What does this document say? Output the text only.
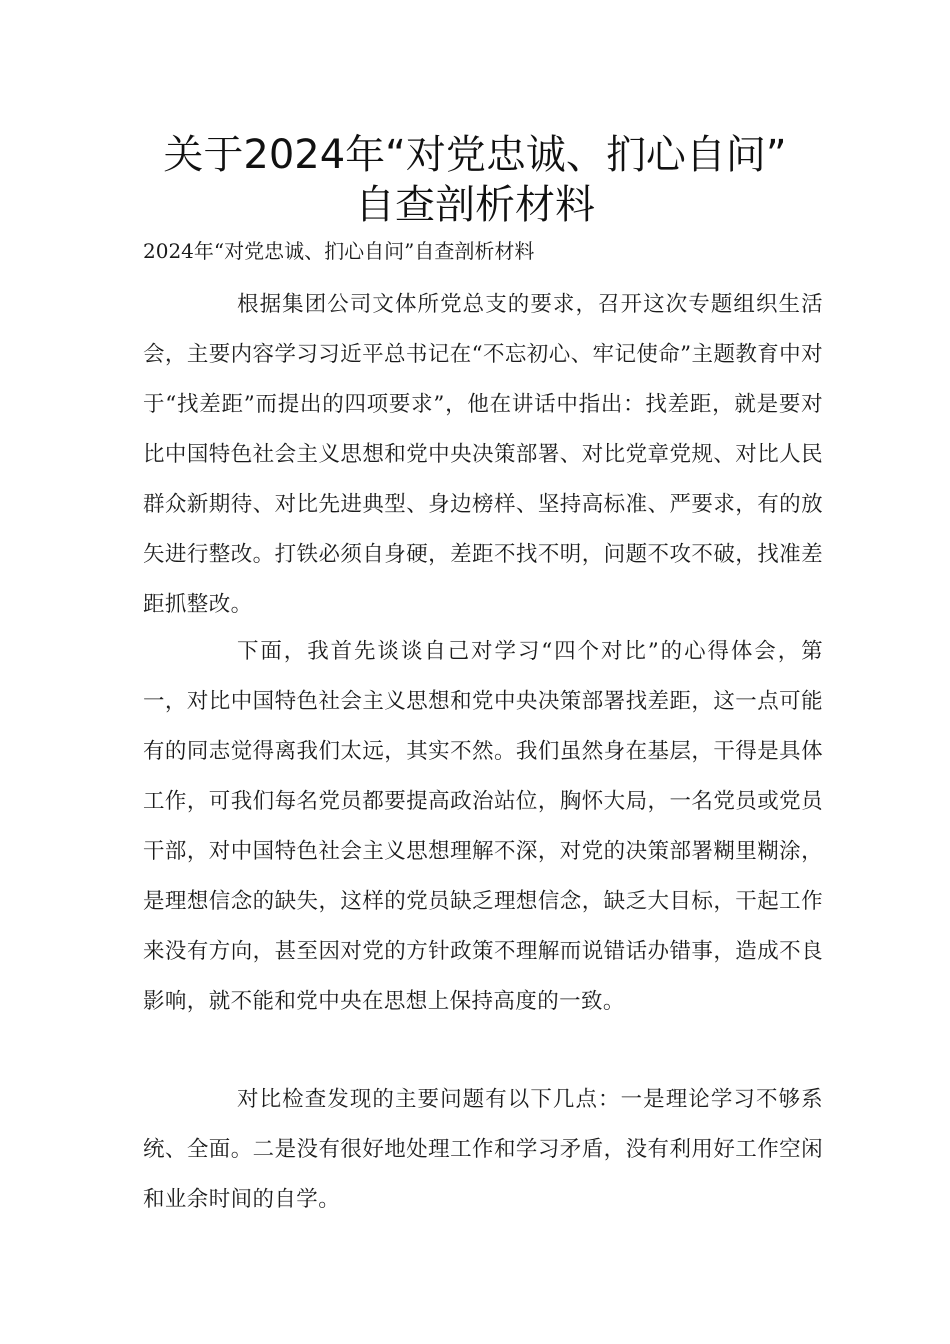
关于2024年“对党忠诚、扪心自问”
自查剖析材料

2024年“对党忠诚、扪心自问”自查剖析材料

根据集团公司文体所党总支的要求，召开这次专题组织生活会，主要内容学习习近平总书记在“不忘初心、牢记使命”主题教育中对于“找差距”而提出的四项要求”，他在讲话中指出：找差距，就是要对比中国特色社会主义思想和党中央决策部署、对比党章党规、对比人民群众新期待、对比先进典型、身边榜样、坚持高标准、严要求，有的放矢进行整改。打铁必须自身硬，差距不找不明，问题不攻不破，找准差距抓整改。

下面，我首先谈谈自己对学习“四个对比”的心得体会，第一，对比中国特色社会主义思想和党中央决策部署找差距，这一点可能有的同志觉得离我们太远，其实不然。我们虽然身在基层，干得是具体工作，可我们每名党员都要提高政治站位，胸怀大局，一名党员或党员干部，对中国特色社会主义思想理解不深，对党的决策部署糊里糊涂，是理想信念的缺失，这样的党员缺乏理想信念，缺乏大目标，干起工作来没有方向，甚至因对党的方针政策不理解而说错话办错事，造成不良影响，就不能和党中央在思想上保持高度的一致。

对比检查发现的主要问题有以下几点：一是理论学习不够系统、全面。二是没有很好地处理工作和学习矛盾，没有利用好工作空闲和业余时间的自学。
